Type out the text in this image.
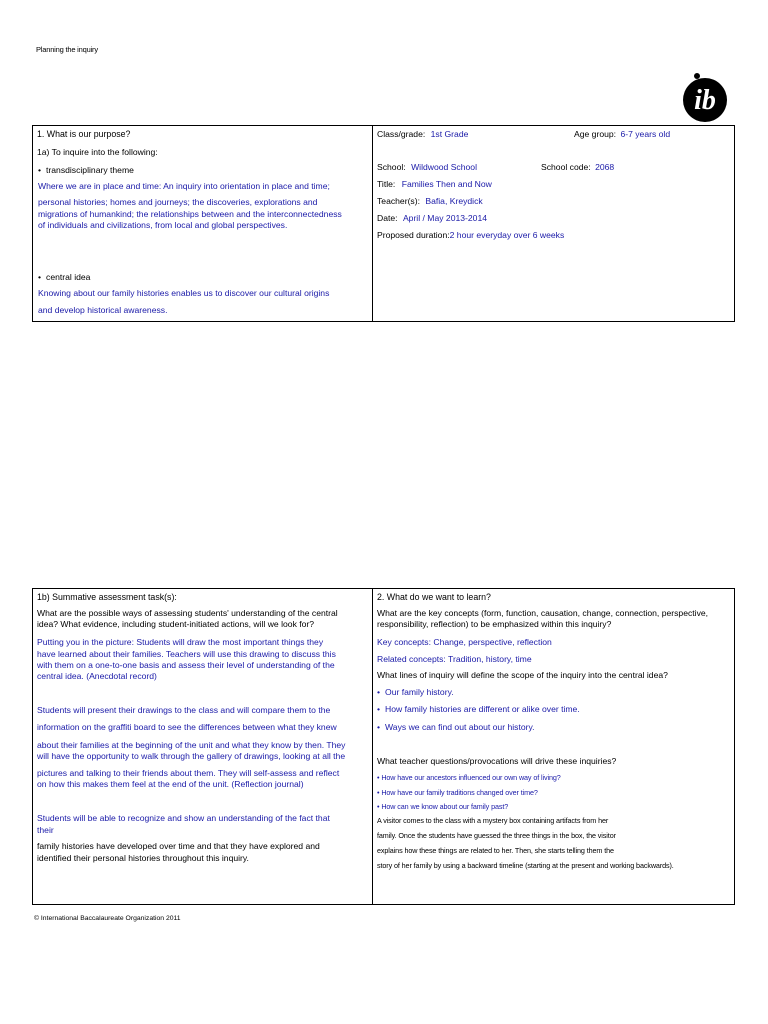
Planning the inquiry
ib
1. What is our purpose?
1a) To inquire into the following:
• transdisciplinary theme
Where we are in place and time: An inquiry into orientation in place and time;
personal histories; homes and journeys; the discoveries, explorations and
migrations of humankind; the relationships between and the interconnectedness
of individuals and civilizations, from local and global perspectives.
• central idea
Knowing about our family histories enables us to discover our cultural origins
and develop historical awareness.
Class/grade: 1st Grade	Age group: 6-7 years old
School: Wildwood School	School code: 2068
Title: Families Then and Now
Teacher(s): Bafia, Kreydick
Date: April / May 2013-2014
Proposed duration:2 hour everyday over 6 weeks
1b) Summative assessment task(s):
What are the possible ways of assessing students' understanding of the central
idea? What evidence, including student-initiated actions, will we look for?
Putting you in the picture: Students will draw the most important things they
have learned about their families. Teachers will use this drawing to discuss this
with them on a one-to-one basis and assess their level of understanding of the
central idea. (Anecdotal record)
Students will present their drawings to the class and will compare them to the
information on the graffiti board to see the differences between what they knew
about their families at the beginning of the unit and what they know by then. They
will have the opportunity to walk through the gallery of drawings, looking at all the
pictures and talking to their friends about them. They will self-assess and reflect
on how this makes them feel at the end of the unit. (Reflection journal)
Students will be able to recognize and show an understanding of the fact that
their
family histories have developed over time and that they have explored and
identified their personal histories throughout this inquiry.
2. What do we want to learn?
What are the key concepts (form, function, causation, change, connection, perspective,
responsibility, reflection) to be emphasized within this inquiry?
Key concepts: Change, perspective, reflection
Related concepts: Tradition, history, time
What lines of inquiry will define the scope of the inquiry into the central idea?
• Our family history.
• How family histories are different or alike over time.
• Ways we can find out about our history.
What teacher questions/provocations will drive these inquiries?
• How have our ancestors influenced our own way of living?
• How have our family traditions changed over time?
• How can we know about our family past?
A visitor comes to the class with a mystery box containing artifacts from her
family. Once the students have guessed the three things in the box, the visitor
explains how these things are related to her. Then, she starts telling them the
story of her family by using a backward timeline (starting at the present and working backwards).
© International Baccalaureate Organization 2011
